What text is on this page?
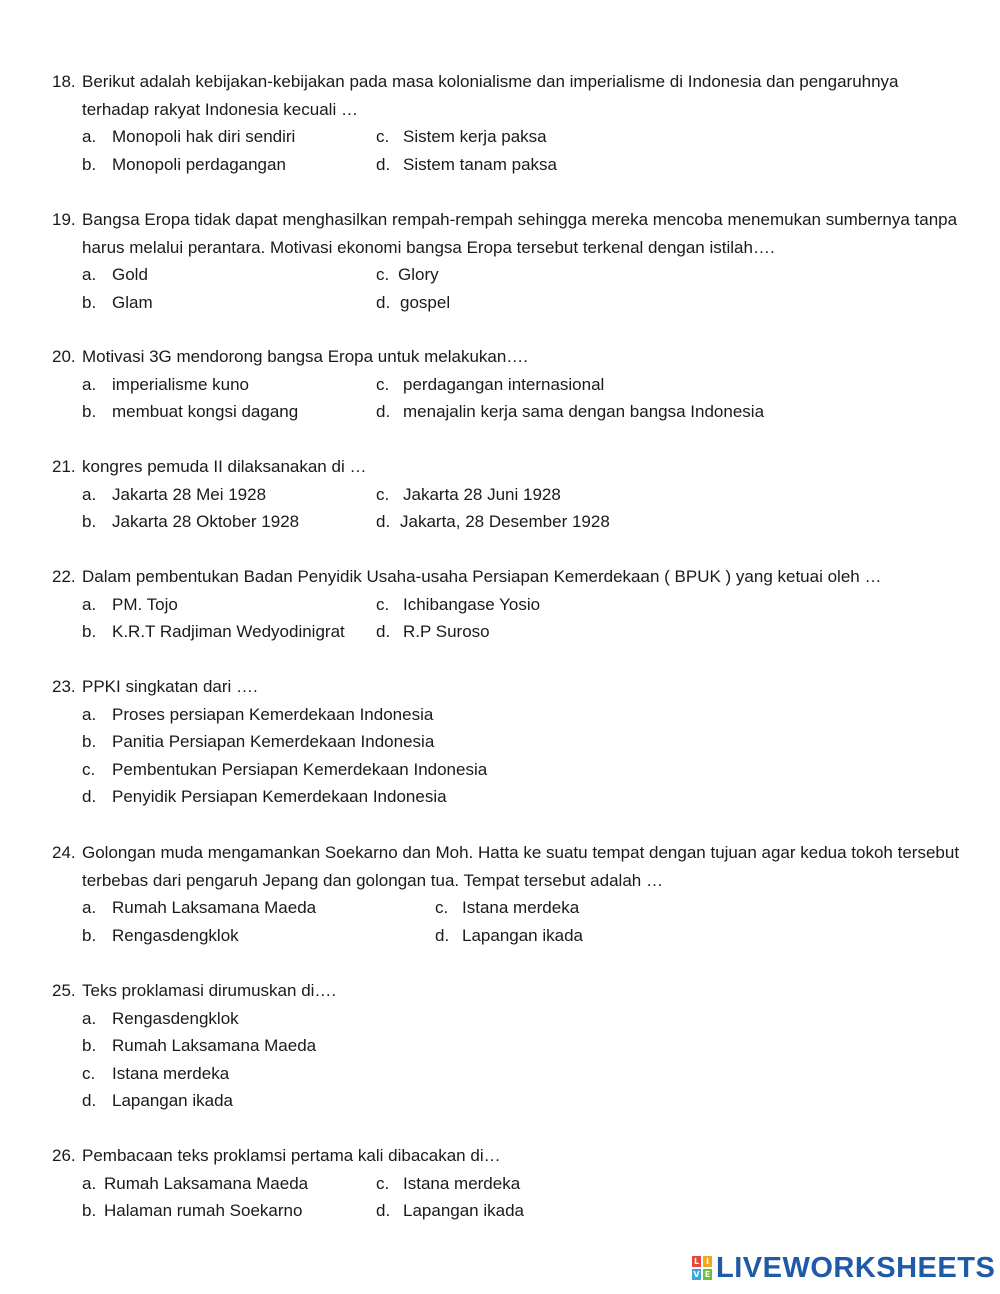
18. Berikut adalah kebijakan-kebijakan pada masa kolonialisme dan imperialisme di Indonesia dan pengaruhnya terhadap rakyat Indonesia kecuali …
a. Monopoli hak diri sendiri	c. Sistem kerja paksa
b. Monopoli perdagangan	d. Sistem tanam paksa
19. Bangsa Eropa tidak dapat menghasilkan rempah-rempah sehingga mereka mencoba menemukan sumbernya tanpa harus melalui perantara. Motivasi ekonomi bangsa Eropa tersebut terkenal dengan istilah….
a. Gold	c. Glory
b. Glam	d. gospel
20. Motivasi 3G mendorong bangsa Eropa untuk melakukan….
a. imperialisme kuno	c. perdagangan internasional
b. membuat kongsi dagang	d. menajalin kerja sama dengan bangsa Indonesia
21. kongres pemuda II dilaksanakan di …
a. Jakarta 28 Mei 1928	c. Jakarta 28 Juni 1928
b. Jakarta 28 Oktober 1928	d. Jakarta, 28 Desember 1928
22. Dalam pembentukan Badan Penyidik Usaha-usaha Persiapan Kemerdekaan ( BPUK ) yang ketuai oleh …
a. PM. Tojo	c. Ichibangase Yosio
b. K.R.T Radjiman Wedyodinigrat d. R.P Suroso
23. PPKI singkatan dari ….
a. Proses persiapan Kemerdekaan Indonesia
b. Panitia Persiapan Kemerdekaan Indonesia
c. Pembentukan Persiapan Kemerdekaan Indonesia
d. Penyidik Persiapan Kemerdekaan Indonesia
24. Golongan muda mengamankan Soekarno dan Moh. Hatta ke suatu tempat dengan tujuan agar kedua tokoh tersebut terbebas dari pengaruh Jepang dan golongan tua. Tempat tersebut adalah …
a. Rumah Laksamana Maeda	c. Istana merdeka
b. Rengasdengklok	d. Lapangan ikada
25. Teks proklamasi dirumuskan di….
a. Rengasdengklok
b. Rumah Laksamana Maeda
c. Istana merdeka
d. Lapangan ikada
26. Pembacaan teks proklamsi pertama kali dibacakan di…
a. Rumah Laksamana Maeda	c. Istana merdeka
b. Halaman rumah Soekarno	d. Lapangan ikada
L I
V E LIVEWORKSHEETS
